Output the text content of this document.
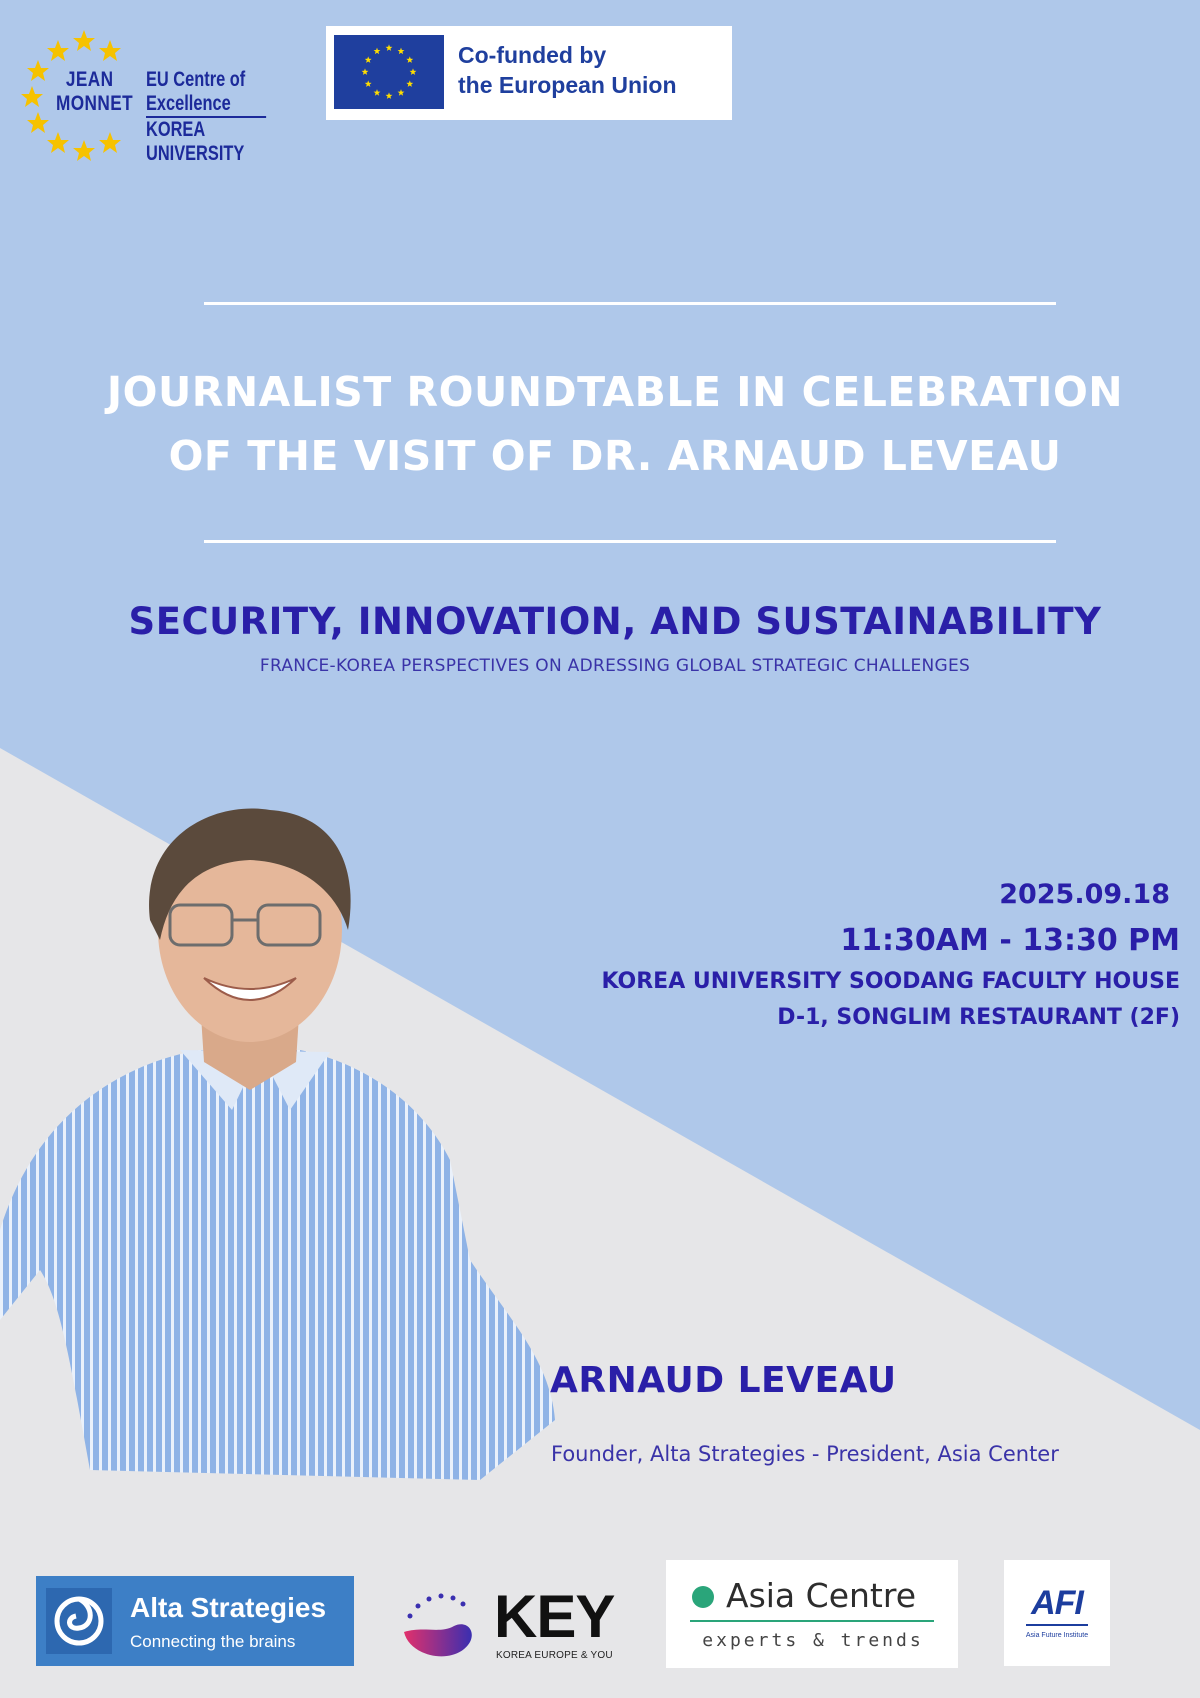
JEAN
MONNET
EU Centre of Excellence
KOREA UNIVERSITY
Co-funded by
the European Union
JOURNALIST ROUNDTABLE IN CELEBRATION
OF THE VISIT OF DR. ARNAUD LEVEAU
SECURITY, INNOVATION, AND SUSTAINABILITY
FRANCE-KOREA PERSPECTIVES ON ADRESSING GLOBAL STRATEGIC CHALLENGES
2025.09.18
11:30AM - 13:30 PM
KOREA UNIVERSITY SOODANG FACULTY HOUSE
D-1, SONGLIM RESTAURANT (2F)
ARNAUD LEVEAU
Founder, Alta Strategies - President, Asia Center
Alta Strategies
Connecting the brains	KEY
KOREA EUROPE & YOU
Asia Centre
experts & trends
AFI
Asia Future Institute
